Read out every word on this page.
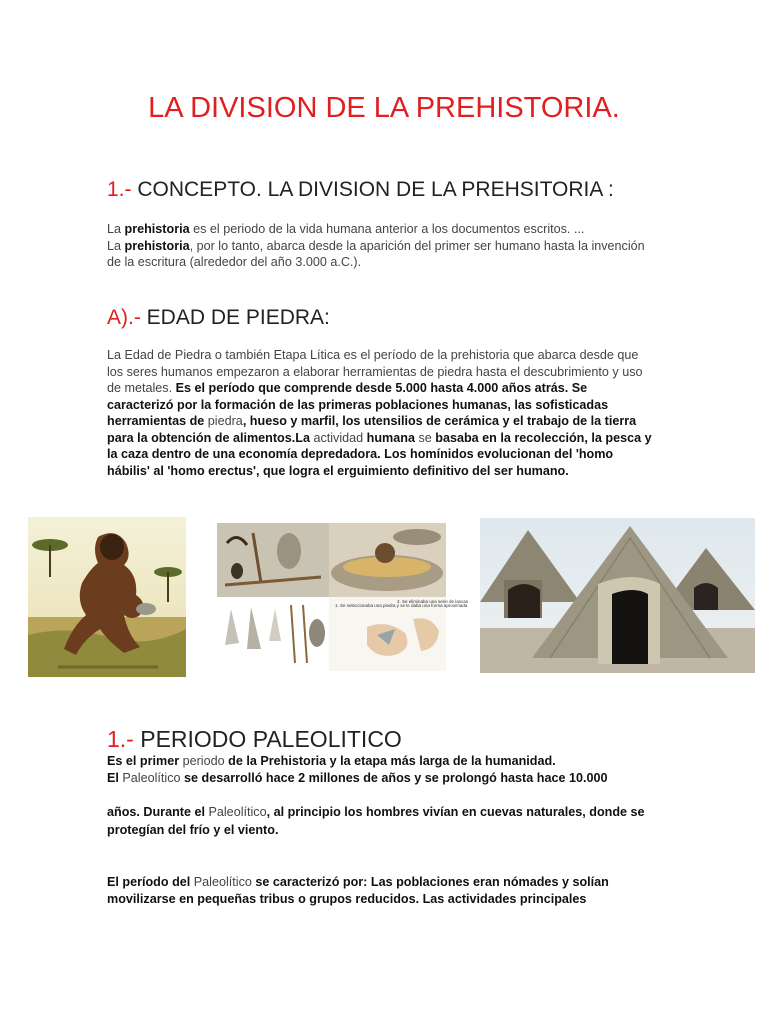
LA DIVISION DE LA PREHISTORIA.
1.- CONCEPTO. LA DIVISION DE LA PREHSITORIA :
La prehistoria es el periodo de la vida humana anterior a los documentos escritos. ...
La prehistoria, por lo tanto, abarca desde la aparición del primer ser humano hasta la invención de la escritura (alrededor del año 3.000 a.C.).
A).- EDAD DE PIEDRA:
La Edad de Piedra o también Etapa Lítica es el período de la prehistoria que abarca desde que los seres humanos empezaron a elaborar herramientas de piedra hasta el descubrimiento y uso de metales. Es el período que comprende desde 5.000 hasta 4.000 años atrás. Se caracterizó por la formación de las primeras poblaciones humanas, las sofisticadas herramientas de piedra, hueso y marfil, los utensilios de cerámica y el trabajo de la tierra para la obtención de alimentos.La actividad humana se basaba en la recolección, la pesca y la caza dentro de una economía depredadora. Los homínidos evolucionan del 'homo hábilis' al 'homo erectus', que logra el erguimiento definitivo del ser humano.
1. Se seleccionaba una piedra y se le daba una forma aproximada
2. Se eliminaba una serie de lascas
1.- PERIODO PALEOLITICO
Es el primer periodo de la Prehistoria y la etapa más larga de la humanidad.
El Paleolítico se desarrolló hace 2 millones de años y se prolongó hasta hace 10.000
años. Durante el Paleolítico, al principio los hombres vivían en cuevas naturales, donde se protegían del frío y el viento.
El período del Paleolítico se caracterizó por: Las poblaciones eran nómades y solían movilizarse en pequeñas tribus o grupos reducidos. Las actividades principales
